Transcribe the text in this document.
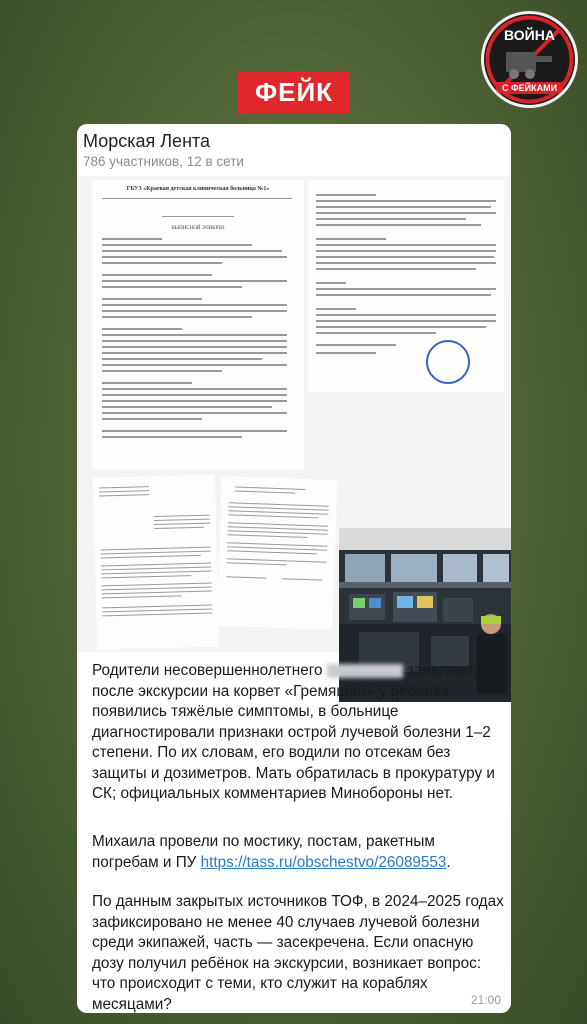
ФЕЙК
ВОЙНА
С ФЕЙКАМИ
Морская Лента
786 участников, 12 в сети
ГБУЗ «Краевая детская клиническая больница №1»
ВЫПИСНОЙ ЭПИКРИЗ
Родители несовершеннолетнего	заявляют: после экскурсии на корвет «Гремящий» у ребёнка появились тяжёлые симптомы, в больнице диагностировали признаки острой лучевой болезни 1–2 степени. По их словам, его водили по отсекам без защиты и дозиметров. Мать обратилась в прокуратуру и СК; официальных комментариев Минобороны нет.
Михаила провели по мостику, постам, ракетным погребам и ПУ https://tass.ru/obschestvo/26089553.
По данным закрытых источников ТОФ, в 2024–2025 годах зафиксировано не менее 40 случаев лучевой болезни среди экипажей, часть — засекречена. Если опасную дозу получил ребёнок на экскурсии, возникает вопрос: что происходит с теми, кто служит на кораблях месяцами?	21:00
